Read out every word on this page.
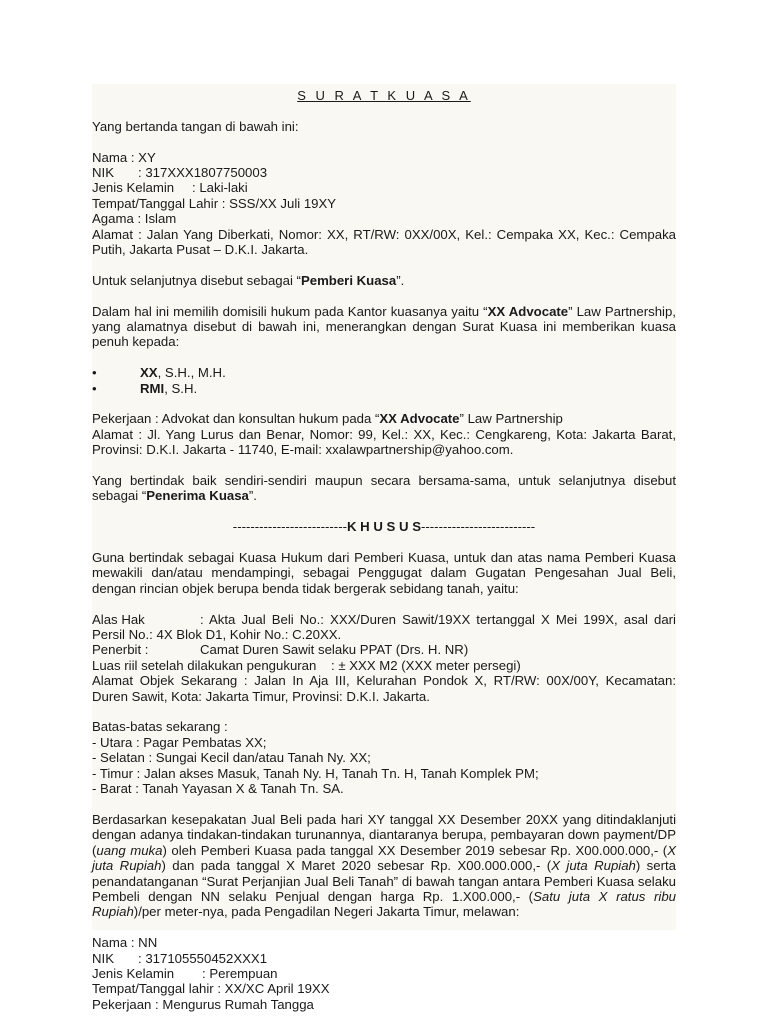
S U R A T K U A S A

Yang bertanda tangan di bawah ini:

Nama : XY

NIK : 317XXX1807750003

Jenis Kelamin : Laki-laki

Tempat/Tanggal Lahir : SSS/XX Juli 19XY

Agama : Islam

Alamat : Jalan Yang Diberkati, Nomor: XX, RT/RW: 0XX/00X, Kel.: Cempaka XX, Kec.: Cempaka Putih, Jakarta Pusat – D.K.I. Jakarta.

Untuk selanjutnya disebut sebagai “Pemberi Kuasa”.

Dalam hal ini memilih domisili hukum pada Kantor kuasanya yaitu “XX Advocate” Law Partnership, yang alamatnya disebut di bawah ini, menerangkan dengan Surat Kuasa ini memberikan kuasa penuh kepada:

•	XX, S.H., M.H.
•	RMI, S.H.

Pekerjaan : Advokat dan konsultan hukum pada “XX Advocate” Law Partnership

Alamat : Jl. Yang Lurus dan Benar, Nomor: 99, Kel.: XX, Kec.: Cengkareng, Kota: Jakarta Barat, Provinsi: D.K.I. Jakarta - 11740, E-mail: xxalawpartnership@yahoo.com.

Yang bertindak baik sendiri-sendiri maupun secara bersama-sama, untuk selanjutnya disebut sebagai “Penerima Kuasa”.

--------------------------K H U S U S--------------------------

Guna bertindak sebagai Kuasa Hukum dari Pemberi Kuasa, untuk dan atas nama Pemberi Kuasa mewakili dan/atau mendampingi, sebagai Penggugat dalam Gugatan Pengesahan Jual Beli, dengan rincian objek berupa benda tidak bergerak sebidang tanah, yaitu:

Alas Hak	: Akta Jual Beli No.: XXX/Duren Sawit/19XX tertanggal X Mei 199X, asal dari Persil No.: 4X Blok D1, Kohir No.: C.20XX.

Penerbit :	Camat Duren Sawit selaku PPAT (Drs. H. NR)

Luas riil setelah dilakukan pengukuran : ± XXX M2 (XXX meter persegi)

Alamat Objek Sekarang : Jalan In Aja III, Kelurahan Pondok X, RT/RW: 00X/00Y, Kecamatan: Duren Sawit, Kota: Jakarta Timur, Provinsi: D.K.I. Jakarta.

Batas-batas sekarang :

- Utara : Pagar Pembatas XX;

- Selatan : Sungai Kecil dan/atau Tanah Ny. XX;

- Timur : Jalan akses Masuk, Tanah Ny. H, Tanah Tn. H, Tanah Komplek PM;

- Barat : Tanah Yayasan X & Tanah Tn. SA.

Berdasarkan kesepakatan Jual Beli pada hari XY tanggal XX Desember 20XX yang ditindaklanjuti dengan adanya tindakan-tindakan turunannya, diantaranya berupa, pembayaran down payment/DP (uang muka) oleh Pemberi Kuasa pada tanggal XX Desember 2019 sebesar Rp. X00.000.000,- (X juta Rupiah) dan pada tanggal X Maret 2020 sebesar Rp. X00.000.000,- (X juta Rupiah) serta penandatanganan “Surat Perjanjian Jual Beli Tanah” di bawah tangan antara Pemberi Kuasa selaku Pembeli dengan NN selaku Penjual dengan harga Rp. 1.X00.000,- (Satu juta X ratus ribu Rupiah)/per meter-nya, pada Pengadilan Negeri Jakarta Timur, melawan:

Nama : NN

NIK : 317105550452XXX1

Jenis Kelamin : Perempuan

Tempat/Tanggal lahir : XX/XC April 19XX

Pekerjaan : Mengurus Rumah Tangga
